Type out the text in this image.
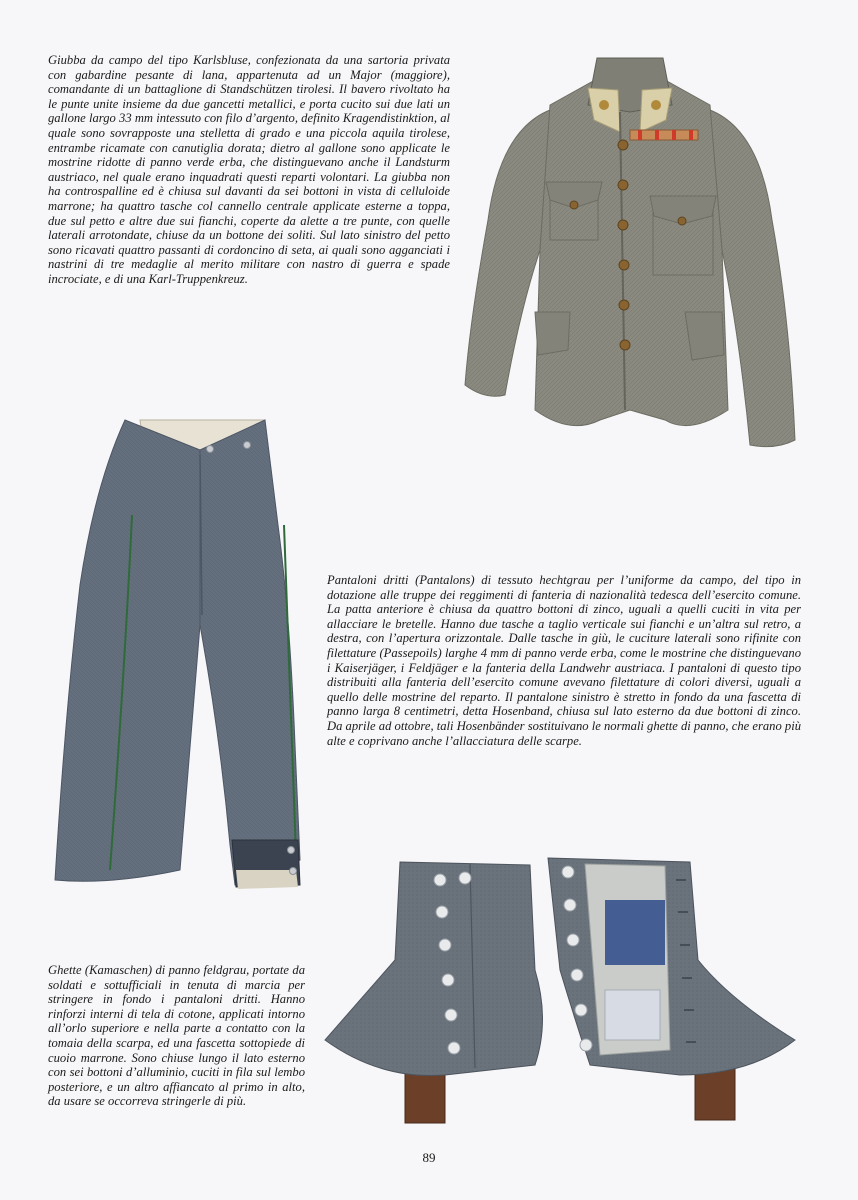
Giubba da campo del tipo Karlsbluse, confezionata da una sartoria privata con gabardine pesante di lana, appartenuta ad un Major (maggiore), comandante di un battaglione di Standschützen tirolesi. Il bavero rivoltato ha le punte unite insieme da due gancetti metallici, e porta cucito sui due lati un gallone largo 33 mm intessuto con filo d’argento, definito Kragendistinktion, al quale sono sovrapposte una stelletta di grado e una piccola aquila tirolese, entrambe ricamate con canutiglia dorata; dietro al gallone sono applicate le mostrine ridotte di panno verde erba, che distinguevano anche il Landsturm austriaco, nel quale erano inquadrati questi reparti volontari. La giubba non ha controspalline ed è chiusa sul davanti da sei bottoni in vista di celluloide marrone; ha quattro tasche col cannello centrale applicate esterne a toppa, due sul petto e altre due sui fianchi, coperte da alette a tre punte, con quelle laterali arrotondate, chiuse da un bottone dei soliti. Sul lato sinistro del petto sono ricavati quattro passanti di cordoncino di seta, ai quali sono agganciati i nastrini di tre medaglie al merito militare con nastro di guerra e spade incrociate, e di una Karl-Truppenkreuz.

Pantaloni dritti (Pantalons) di tessuto hechtgrau per l’uniforme da campo, del tipo in dotazione alle truppe dei reggimenti di fanteria di nazionalità tedesca dell’esercito comune. La patta anteriore è chiusa da quattro bottoni di zinco, uguali a quelli cuciti in vita per allacciare le bretelle. Hanno due tasche a taglio verticale sui fianchi e un’altra sul retro, a destra, con l’apertura orizzontale. Dalle tasche in giù, le cuciture laterali sono rifinite con filettature (Passepoils) larghe 4 mm di panno verde erba, come le mostrine che distinguevano i Kaiserjäger, i Feldjäger e la fanteria della Landwehr austriaca. I pantaloni di questo tipo distribuiti alla fanteria dell’esercito comune avevano filettature di colori diversi, uguali a quello delle mostrine del reparto. Il pantalone sinistro è stretto in fondo da una fascetta di panno larga 8 centimetri, detta Hosenband, chiusa sul lato esterno da due bottoni di zinco. Da aprile ad ottobre, tali Hosenbänder sostituivano le normali ghette di panno, che erano più alte e coprivano anche l’allacciatura delle scarpe.

Ghette (Kamaschen) di panno feldgrau, portate da soldati e sottufficiali in tenuta di marcia per stringere in fondo i pantaloni dritti. Hanno rinforzi interni di tela di cotone, applicati intorno all’orlo superiore e nella parte a contatto con la tomaia della scarpa, ed una fascetta sottopiede di cuoio marrone. Sono chiuse lungo il lato esterno con sei bottoni d’alluminio, cuciti in fila sul lembo posteriore, e un altro affiancato al primo in alto, da usare se occorreva stringerle di più.

89
